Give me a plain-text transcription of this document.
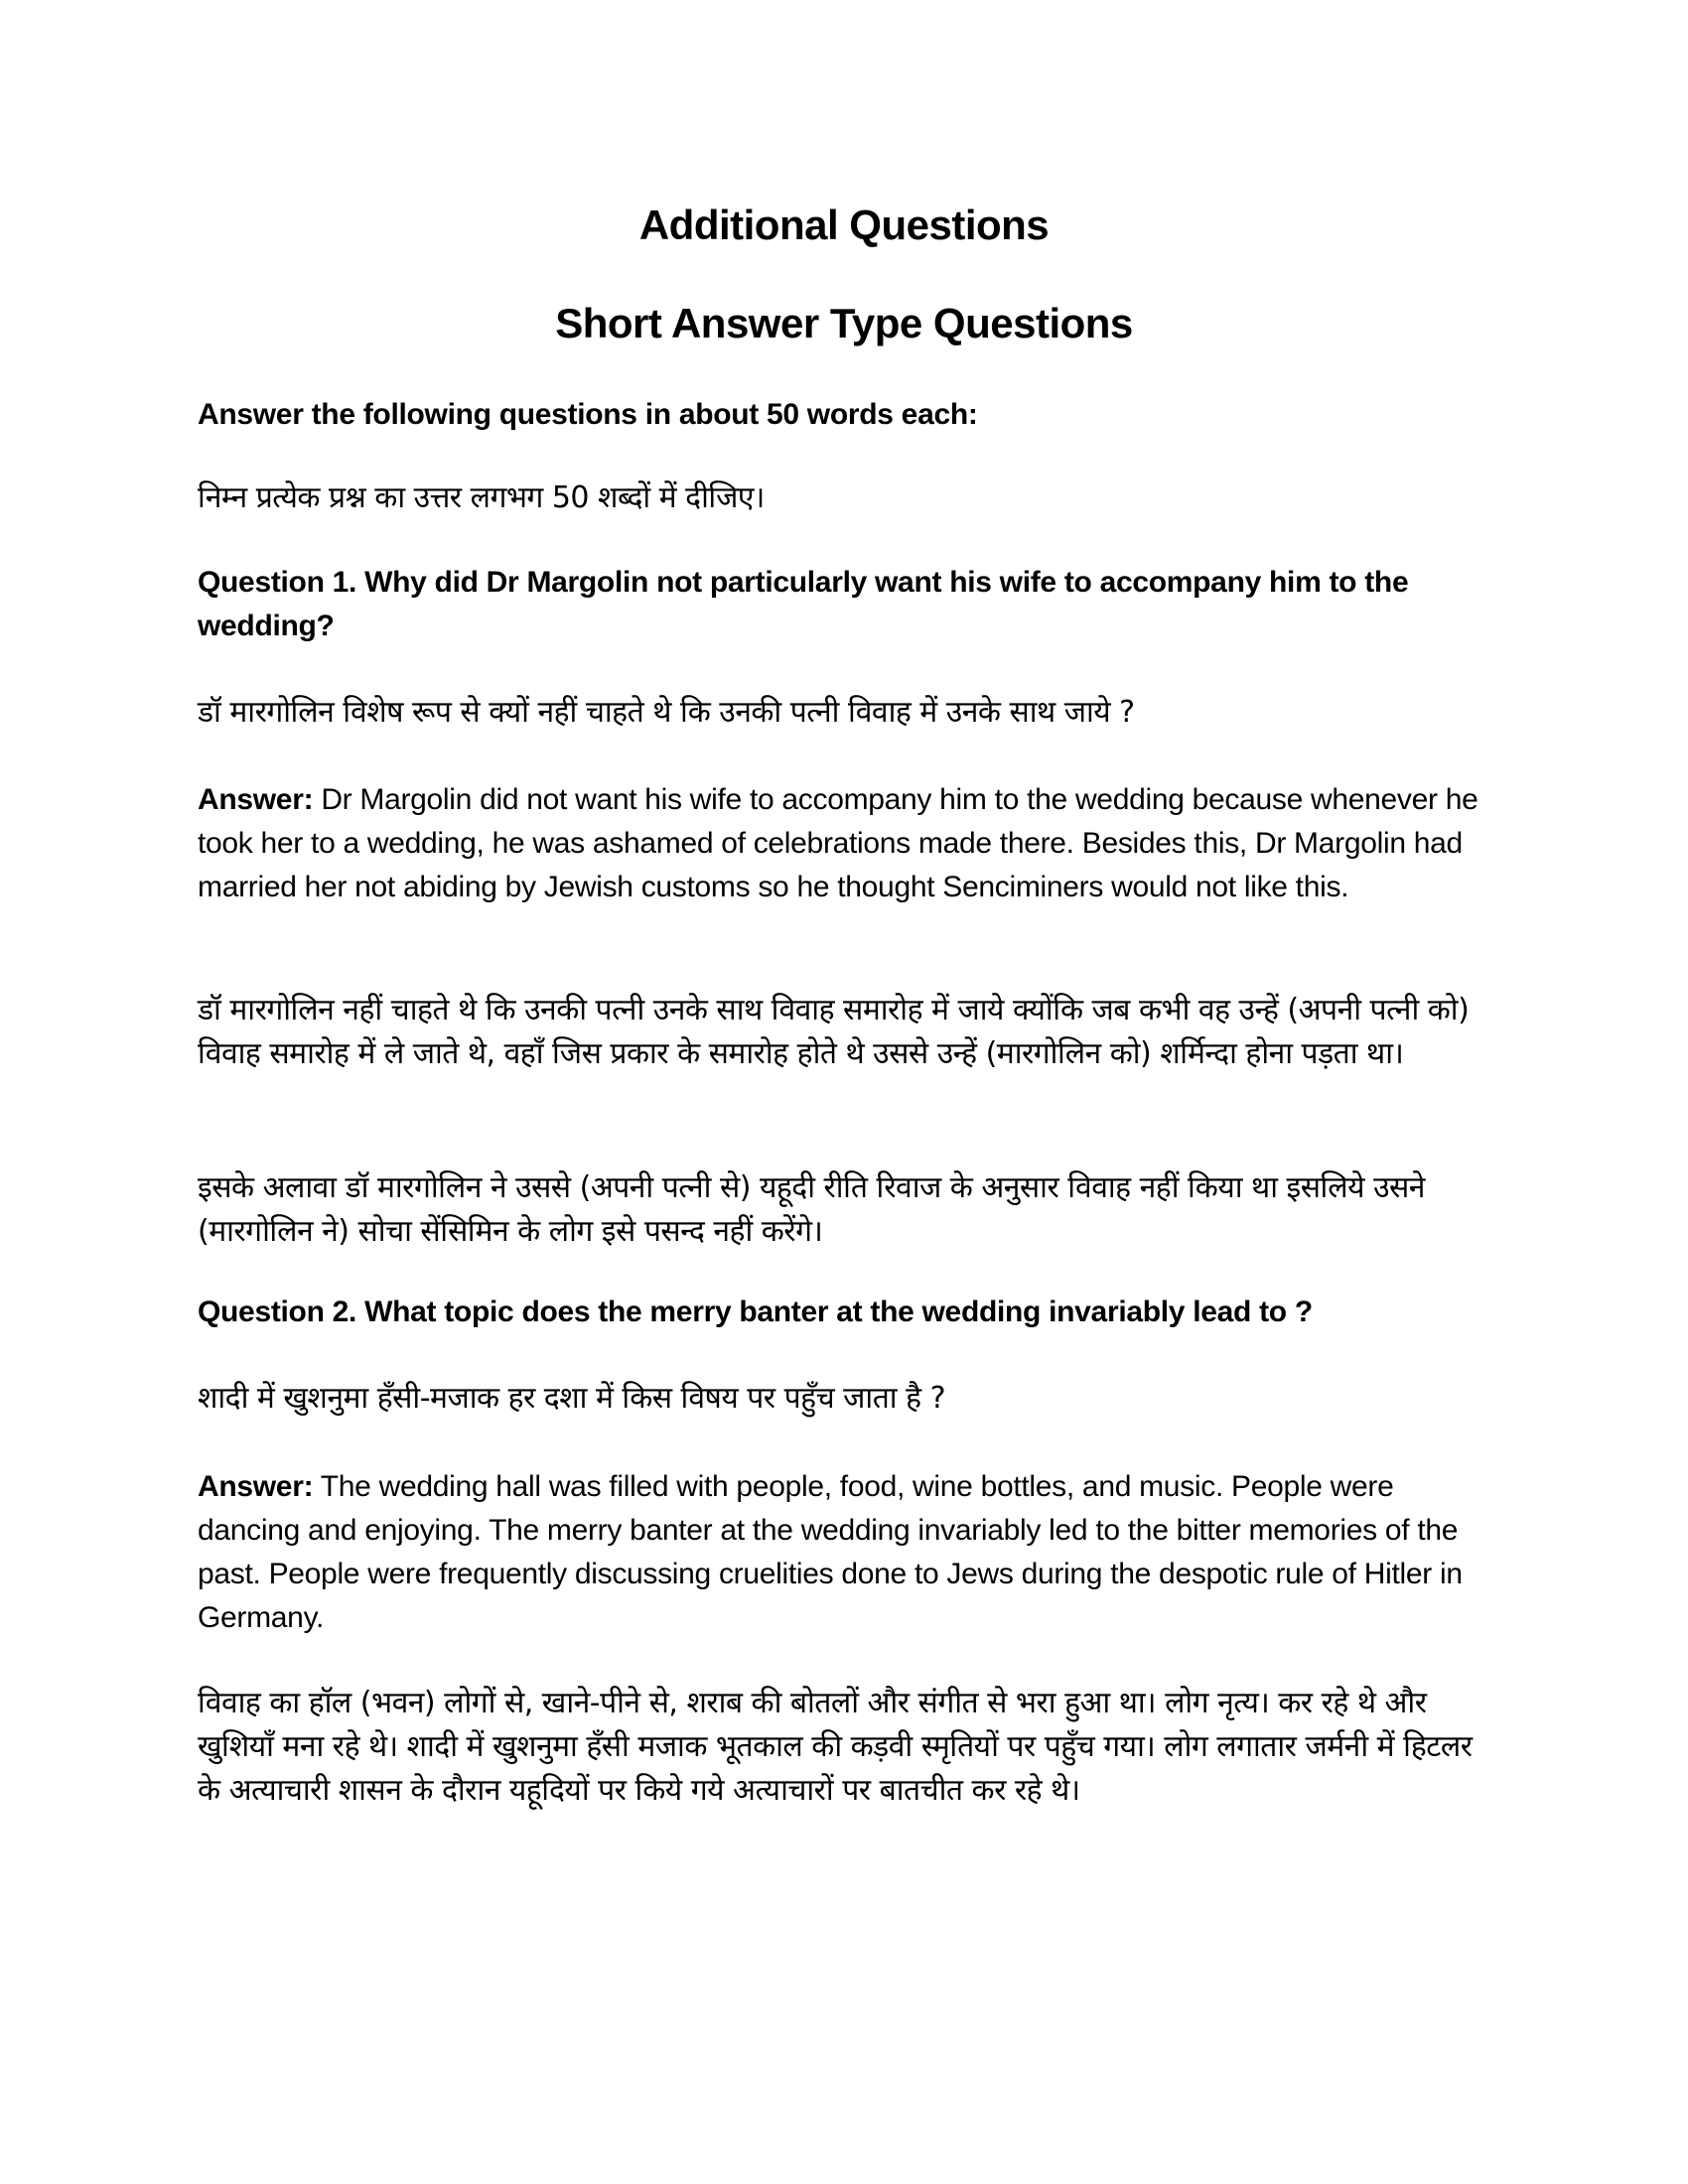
Additional Questions
Short Answer Type Questions
Answer the following questions in about 50 words each:
निम्न प्रत्येक प्रश्न का उत्तर लगभग 50 शब्दों में दीजिए।
Question 1. Why did Dr Margolin not particularly want his wife to accompany him to the wedding?
डॉ मारगोलिन विशेष रूप से क्यों नहीं चाहते थे कि उनकी पत्नी विवाह में उनके साथ जाये ?
Answer: Dr Margolin did not want his wife to accompany him to the wedding because whenever he took her to a wedding, he was ashamed of celebrations made there. Besides this, Dr Margolin had married her not abiding by Jewish customs so he thought Senciminers would not like this.
डॉ मारगोलिन नहीं चाहते थे कि उनकी पत्नी उनके साथ विवाह समारोह में जाये क्योंकि जब कभी वह उन्हें (अपनी पत्नी को) विवाह समारोह में ले जाते थे, वहाँ जिस प्रकार के समारोह होते थे उससे उन्हें (मारगोलिन को) शर्मिन्दा होना पड़ता था।
इसके अलावा डॉ मारगोलिन ने उससे (अपनी पत्नी से) यहूदी रीति रिवाज के अनुसार विवाह नहीं किया था इसलिये उसने (मारगोलिन ने) सोचा सेंसिमिन के लोग इसे पसन्द नहीं करेंगे।
Question 2. What topic does the merry banter at the wedding invariably lead to ?
शादी में खुशनुमा हँसी-मजाक हर दशा में किस विषय पर पहुँच जाता है ?
Answer: The wedding hall was filled with people, food, wine bottles, and music. People were dancing and enjoying. The merry banter at the wedding invariably led to the bitter memories of the past. People were frequently discussing cruelities done to Jews during the despotic rule of Hitler in Germany.
विवाह का हॉल (भवन) लोगों से, खाने-पीने से, शराब की बोतलों और संगीत से भरा हुआ था। लोग नृत्य। कर रहे थे और खुशियाँ मना रहे थे। शादी में खुशनुमा हँसी मजाक भूतकाल की कड़वी स्मृतियों पर पहुँच गया। लोग लगातार जर्मनी में हिटलर के अत्याचारी शासन के दौरान यहूदियों पर किये गये अत्याचारों पर बातचीत कर रहे थे।
